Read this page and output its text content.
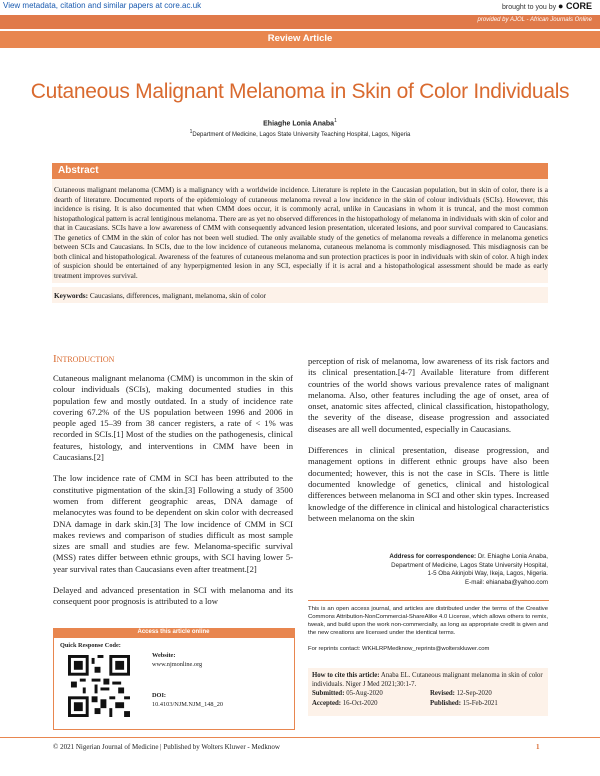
View metadata, citation and similar papers at core.ac.uk	brought to you by ● CORE
provided by AJOL - African Journals Online
Review Article
Cutaneous Malignant Melanoma in Skin of Color Individuals
Ehiaghe Lonia Anaba$^1$
$^1$Department of Medicine, Lagos State University Teaching Hospital, Lagos, Nigeria
Abstract
Cutaneous malignant melanoma (CMM) is a malignancy with a worldwide incidence. Literature is replete in the Caucasian population, but in skin of color, there is a dearth of literature. Documented reports of the epidemiology of cutaneous melanoma reveal a low incidence in the skin of colour individuals (SCIs). However, this incidence is rising. It is also documented that when CMM does occur, it is commonly acral, unlike in Caucasians in whom it is truncal, and the most common histopathological pattern is acral lentiginous melanoma. There are as yet no observed differences in the histopathology of melanoma in individuals with skin of color and that in Caucasians. SCIs have a low awareness of CMM with consequently advanced lesion presentation, ulcerated lesions, and poor survival compared to Caucasians. The genetics of CMM in the skin of color has not been well studied. The only available study of the genetics of melanoma reveals a difference in melanoma genetics between SCIs and Caucasians. In SCIs, due to the low incidence of cutaneous melanoma, cutaneous melanoma is commonly misdiagnosed. This misdiagnosis can be both clinical and histopathological. Awareness of the features of cutaneous melanoma and sun protection practices is poor in individuals with skin of color. A high index of suspicion should be entertained of any hyperpigmented lesion in any SCI, especially if it is acral and a histopathological assessment should be made as early treatment improves survival.
Keywords: Caucasians, differences, malignant, melanoma, skin of color
Introduction

Cutaneous malignant melanoma (CMM) is uncommon in the skin of colour individuals (SCIs), making documented studies in this population few and mostly outdated. In a study of incidence rate covering 67.2% of the US population between 1996 and 2006 in people aged 15–39 from 38 cancer registers, a rate of < 1% was recorded in SCIs.[1] Most of the studies on the pathogenesis, clinical features, histology, and interventions in CMM have been in Caucasians.[2]

The low incidence rate of CMM in SCI has been attributed to the constitutive pigmentation of the skin.[3] Following a study of 3500 women from different geographic areas, DNA damage of melanocytes was found to be dependent on skin color with decreased DNA damage in dark skin.[3] The low incidence of CMM in SCI makes reviews and comparison of studies difficult as most sample sizes are small and studies are few. Melanoma-specific survival (MSS) rates differ between ethnic groups, with SCI having lower 5-year survival rates than Caucasians even after treatment.[2]

Delayed and advanced presentation in SCI with melanoma and its consequent poor prognosis is attributed to a low

perception of risk of melanoma, low awareness of its risk factors and its clinical presentation.[4-7] Available literature from different countries of the world shows various prevalence rates of malignant melanoma. Also, other features including the age of onset, area of onset, anatomic sites affected, clinical classification, histopathology, the severity of the disease, disease progression and associated diseases are all well documented, especially in Caucasians.

Differences in clinical presentation, disease progression, and management options in different ethnic groups have also been documented; however, this is not the case in SCIs. There is little documented knowledge of genetics, clinical and histological differences between melanoma in SCI and other skin types. Increased knowledge of the difference in clinical and histological characteristics between melanoma on the skin

Access this article online
Quick Response Code:
Website:
www.njmonline.org
DOI:
10.4103/NJM.NJM_148_20
Address for correspondence: Dr. Ehiaghe Lonia Anaba,
Department of Medicine, Lagos State University Hospital,
1-5 Oba Akinjobi Way, Ikeja, Lagos, Nigeria.
E-mail: ehianaba@yahoo.com
This is an open access journal, and articles are distributed under the terms of the Creative Commons Attribution-NonCommercial-ShareAlike 4.0 License, which allows others to remix, tweak, and build upon the work non-commercially, as long as appropriate credit is given and the new creations are licensed under the identical terms.

For reprints contact: WKHLRPMedknow_reprints@wolterskluwer.com
How to cite this article: Anaba EL. Cutaneous malignant melanoma in skin of color individuals. Niger J Med 2021;30:1-7.
Submitted: 05-Aug-2020	Revised: 12-Sep-2020
Accepted: 16-Oct-2020	Published: 15-Feb-2021
© 2021 Nigerian Journal of Medicine | Published by Wolters Kluwer - Medknow	1
